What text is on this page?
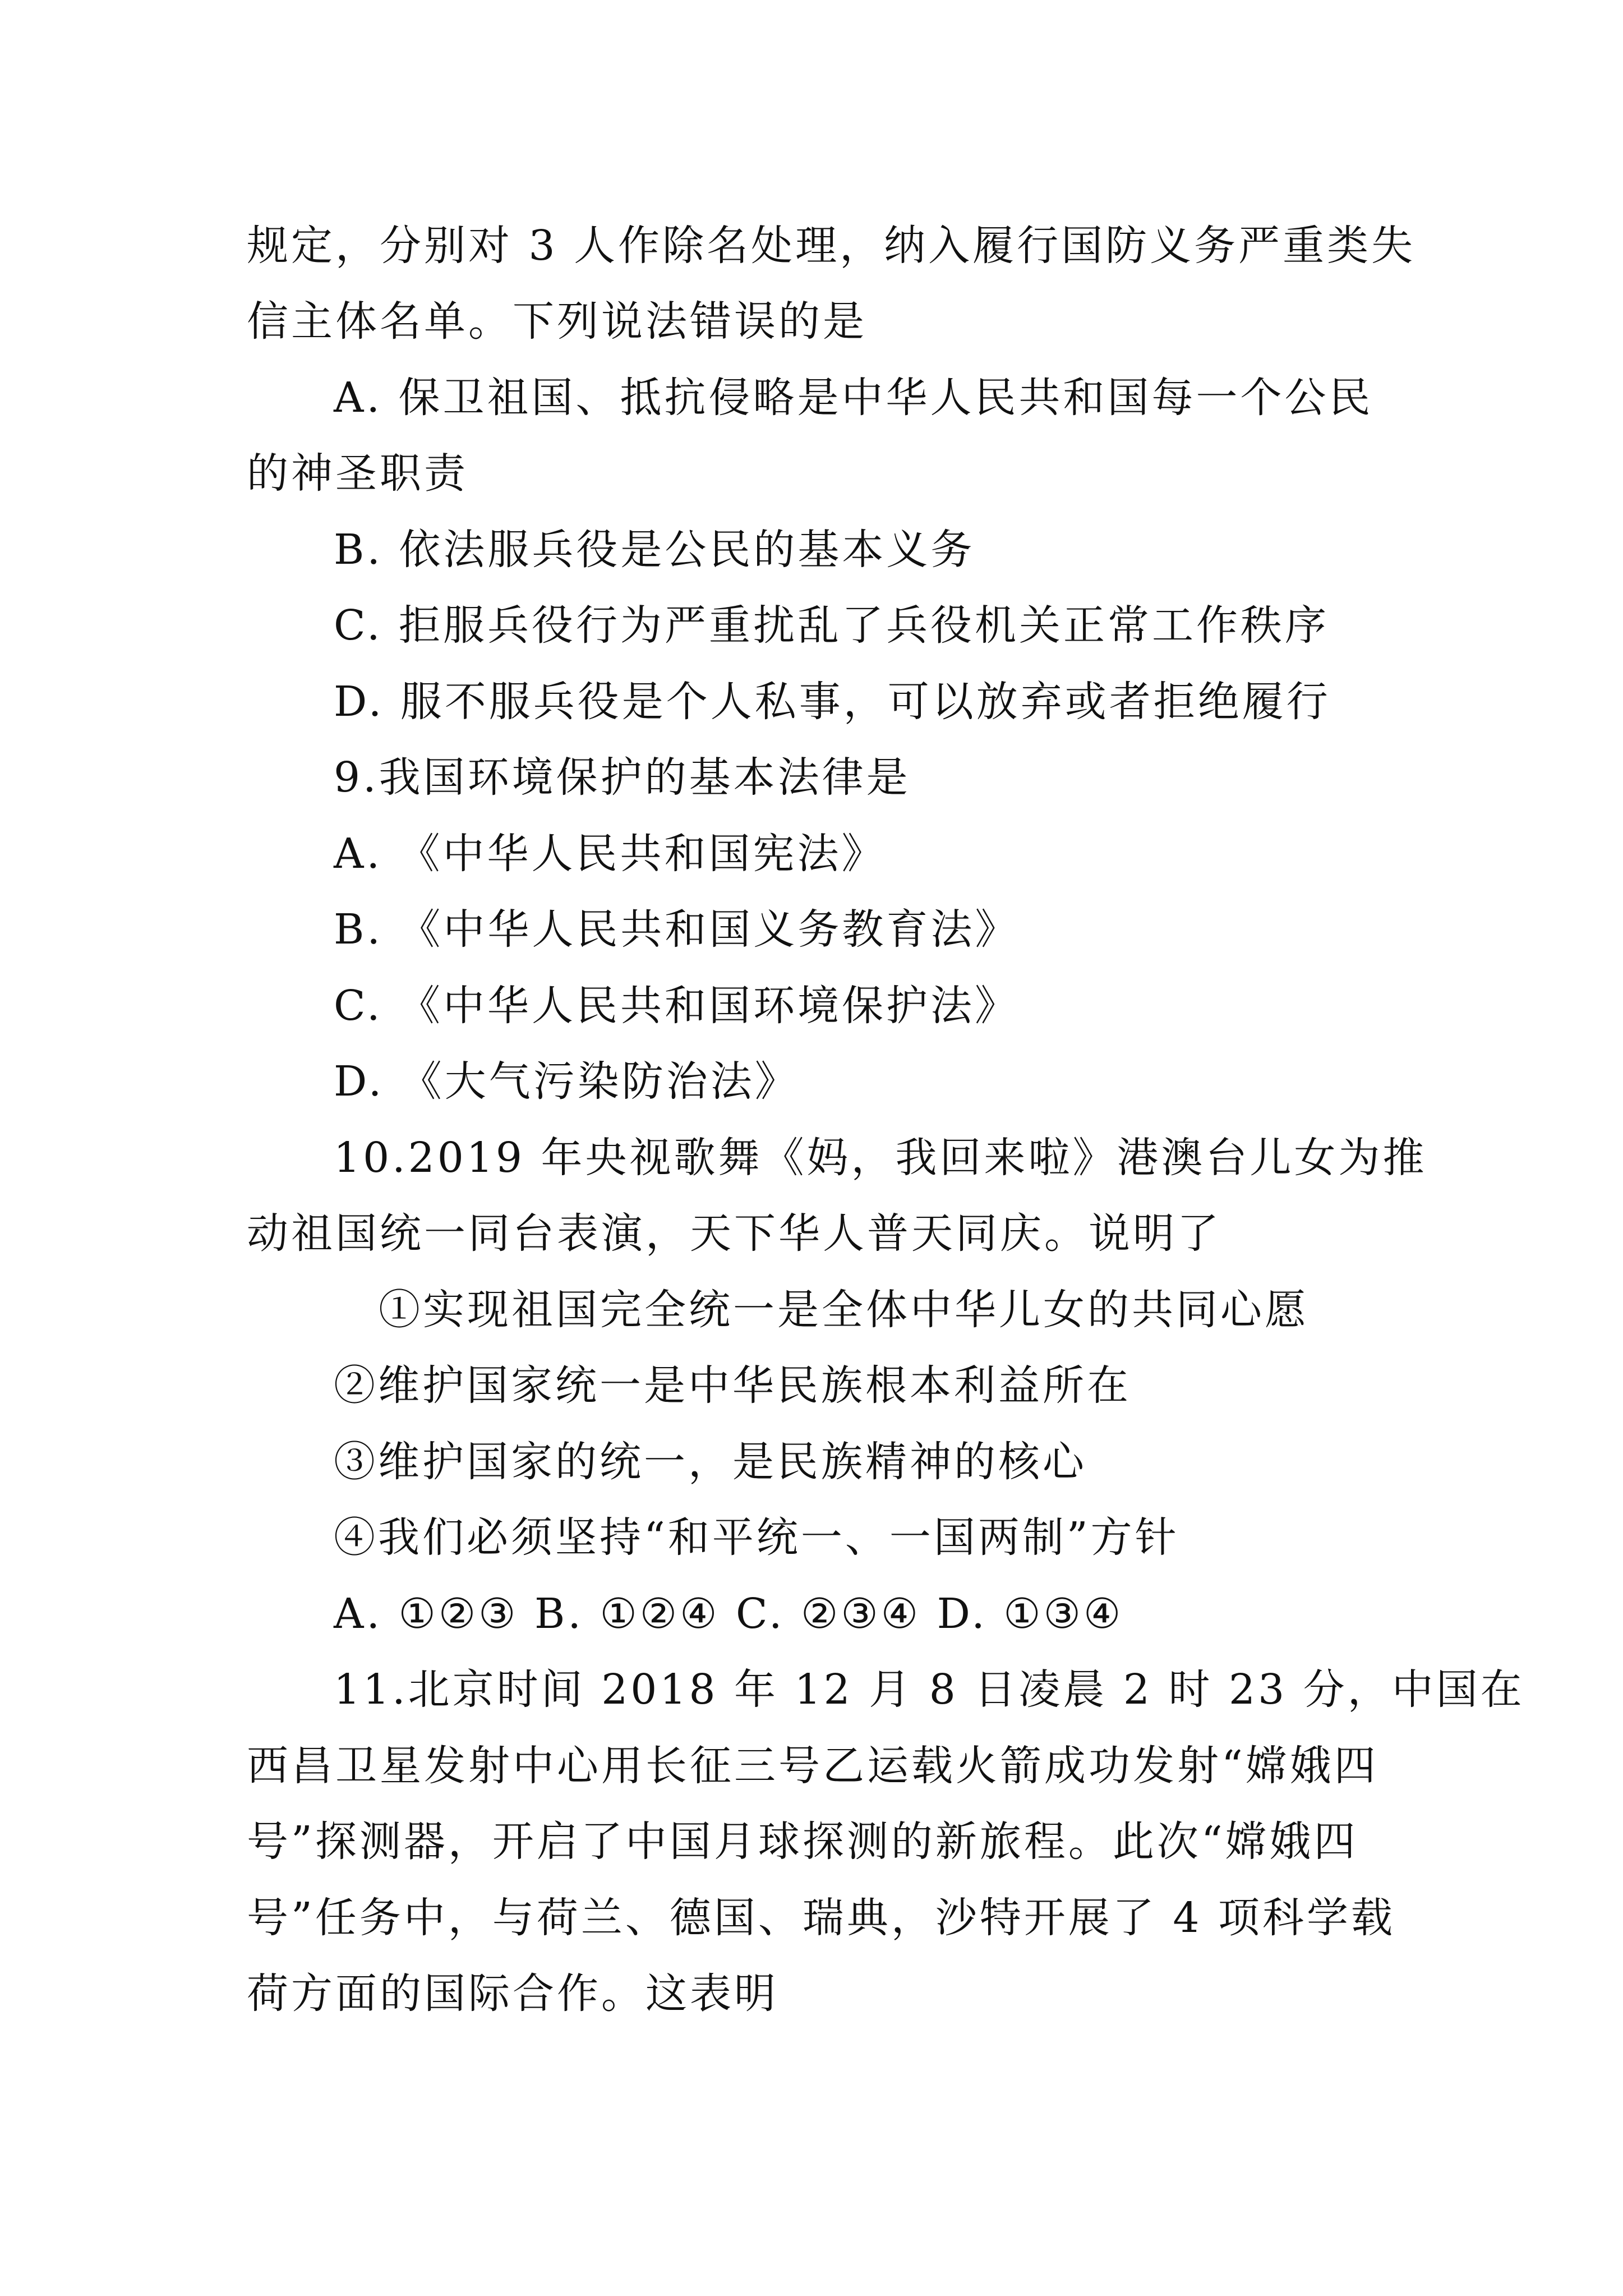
规定，分别对 3 人作除名处理，纳入履行国防义务严重类失
信主体名单。下列说法错误的是
A. 保卫祖国、抵抗侵略是中华人民共和国每一个公民
的神圣职责
B. 依法服兵役是公民的基本义务
C. 拒服兵役行为严重扰乱了兵役机关正常工作秩序
D. 服不服兵役是个人私事，可以放弃或者拒绝履行
9.我国环境保护的基本法律是
A. 《中华人民共和国宪法》
B. 《中华人民共和国义务教育法》
C. 《中华人民共和国环境保护法》
D. 《大气污染防治法》
10.2019 年央视歌舞《妈，我回来啦》港澳台儿女为推
动祖国统一同台表演，天下华人普天同庆。说明了
①实现祖国完全统一是全体中华儿女的共同心愿
②维护国家统一是中华民族根本利益所在
③维护国家的统一，是民族精神的核心
④我们必须坚持“和平统一、一国两制”方针
A. ①②③ B. ①②④ C. ②③④ D. ①③④
11.北京时间 2018 年 12 月 8 日凌晨 2 时 23 分，中国在
西昌卫星发射中心用长征三号乙运载火箭成功发射“嫦娥四
号”探测器，开启了中国月球探测的新旅程。此次“嫦娥四
号”任务中，与荷兰、德国、瑞典，沙特开展了 4 项科学载
荷方面的国际合作。这表明
